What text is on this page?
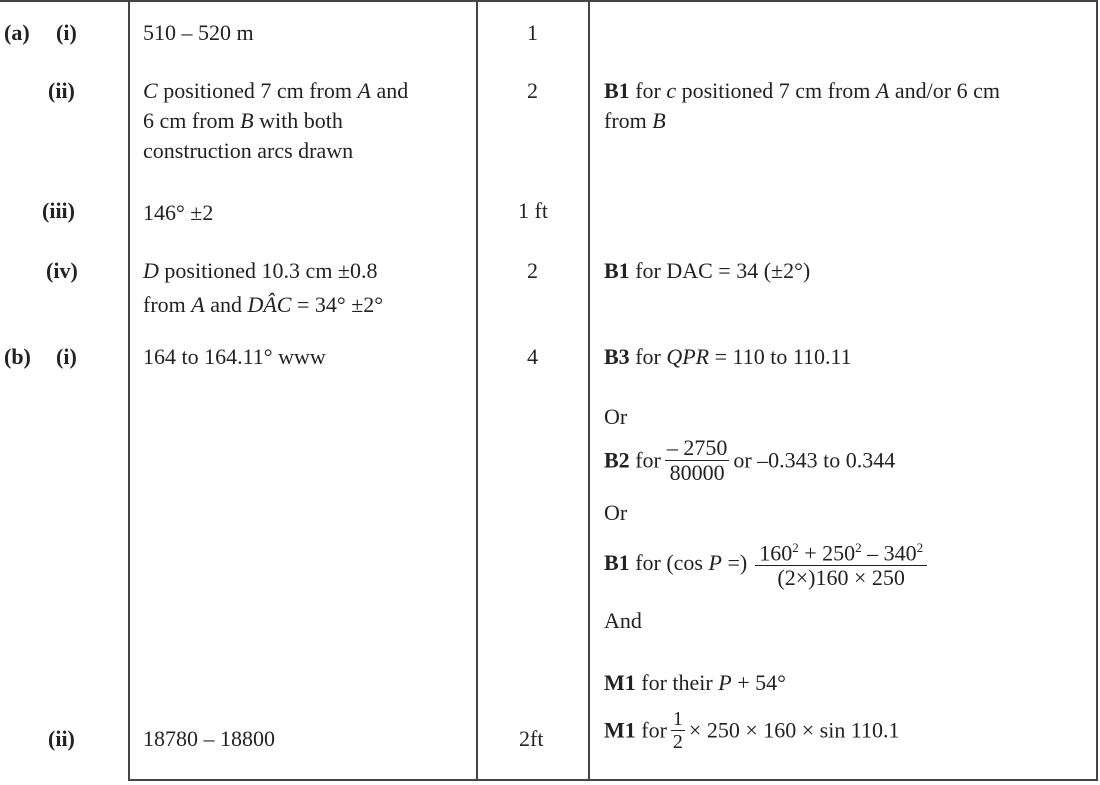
(a) (i)	510 – 520 m	1
(ii)	C positioned 7 cm from A and
6 cm from B with both
construction arcs drawn
2	B1 for c positioned 7 cm from A and/or 6 cm
from B
(iii)	146° ±2	1 ft
(iv)	D positioned 10.3 cm ±0.8
from A and DÂC = 34° ±2°
2	B1 for DAC = 34 (±2°)
(b) (i)	164 to 164.11° www	4	B3 for QPR = 110 to 110.11
Or
B2 for $\frac{- 2750}{80000}$ or –0.343 to 0.344
Or
B1 for (cos P =) $\frac{160^2 + 250^2 - 340^2}{(2\times)160 \times 250}$
And
M1 for their P + 54°
(ii)	18780 – 18800	2ft	M1 for $\frac{1}{2} \times 250 \times 160 \times \sin 110.1$
